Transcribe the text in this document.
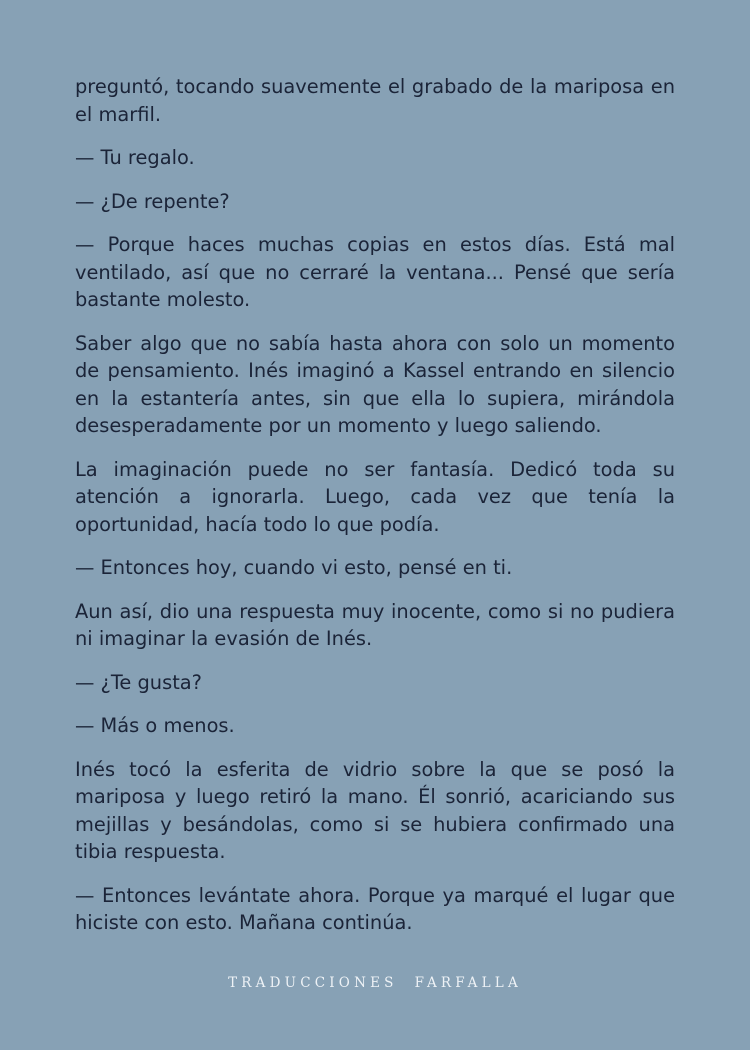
preguntó, tocando suavemente el grabado de la mariposa en el marfil.

— Tu regalo.

— ¿De repente?

— Porque haces muchas copias en estos días. Está mal ventilado, así que no cerraré la ventana... Pensé que sería bastante molesto.

Saber algo que no sabía hasta ahora con solo un momento de pensamiento. Inés imaginó a Kassel entrando en silencio en la estantería antes, sin que ella lo supiera, mirándola desesperadamente por un momento y luego saliendo.

La imaginación puede no ser fantasía. Dedicó toda su atención a ignorarla. Luego, cada vez que tenía la oportunidad, hacía todo lo que podía.

— Entonces hoy, cuando vi esto, pensé en ti.

Aun así, dio una respuesta muy inocente, como si no pudiera ni imaginar la evasión de Inés.

— ¿Te gusta?

— Más o menos.

Inés tocó la esferita de vidrio sobre la que se posó la mariposa y luego retiró la mano. Él sonrió, acariciando sus mejillas y besándolas, como si se hubiera confirmado una tibia respuesta.

— Entonces levántate ahora. Porque ya marqué el lugar que hiciste con esto. Mañana continúa.

TRADUCCIONES  FARFALLA
